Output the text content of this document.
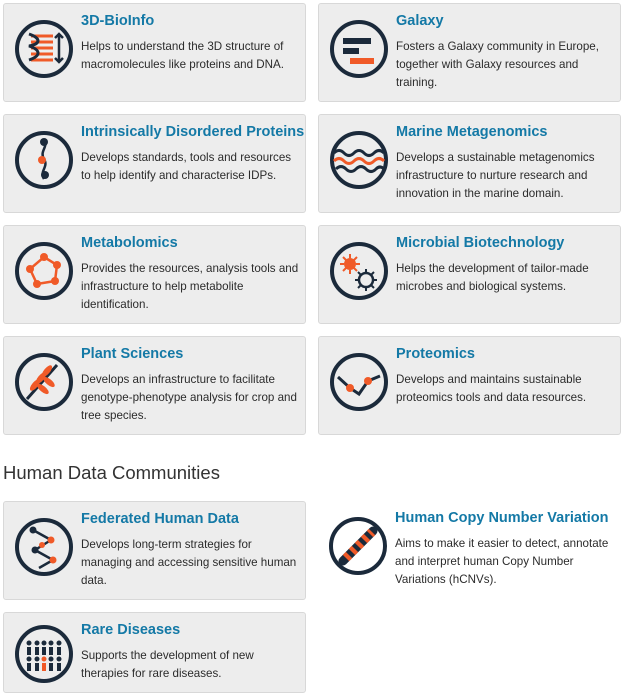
3D-BioInfo
Helps to understand the 3D structure of macromolecules like proteins and DNA.
Galaxy
Fosters a Galaxy community in Europe, together with Galaxy resources and training.
Intrinsically Disordered Proteins
Develops standards, tools and resources to help identify and characterise IDPs.
Marine Metagenomics
Develops a sustainable metagenomics infrastructure to nurture research and innovation in the marine domain.
Metabolomics
Provides the resources, analysis tools and infrastructure to help metabolite identification.
Microbial Biotechnology
Helps the development of tailor-made microbes and biological systems.
Plant Sciences
Develops an infrastructure to facilitate genotype-phenotype analysis for crop and tree species.
Proteomics
Develops and maintains sustainable proteomics tools and data resources.
Human Data Communities
Federated Human Data
Develops long-term strategies for managing and accessing sensitive human data.
Human Copy Number Variation
Aims to make it easier to detect, annotate and interpret human Copy Number Variations (hCNVs).
Rare Diseases
Supports the development of new therapies for rare diseases.
